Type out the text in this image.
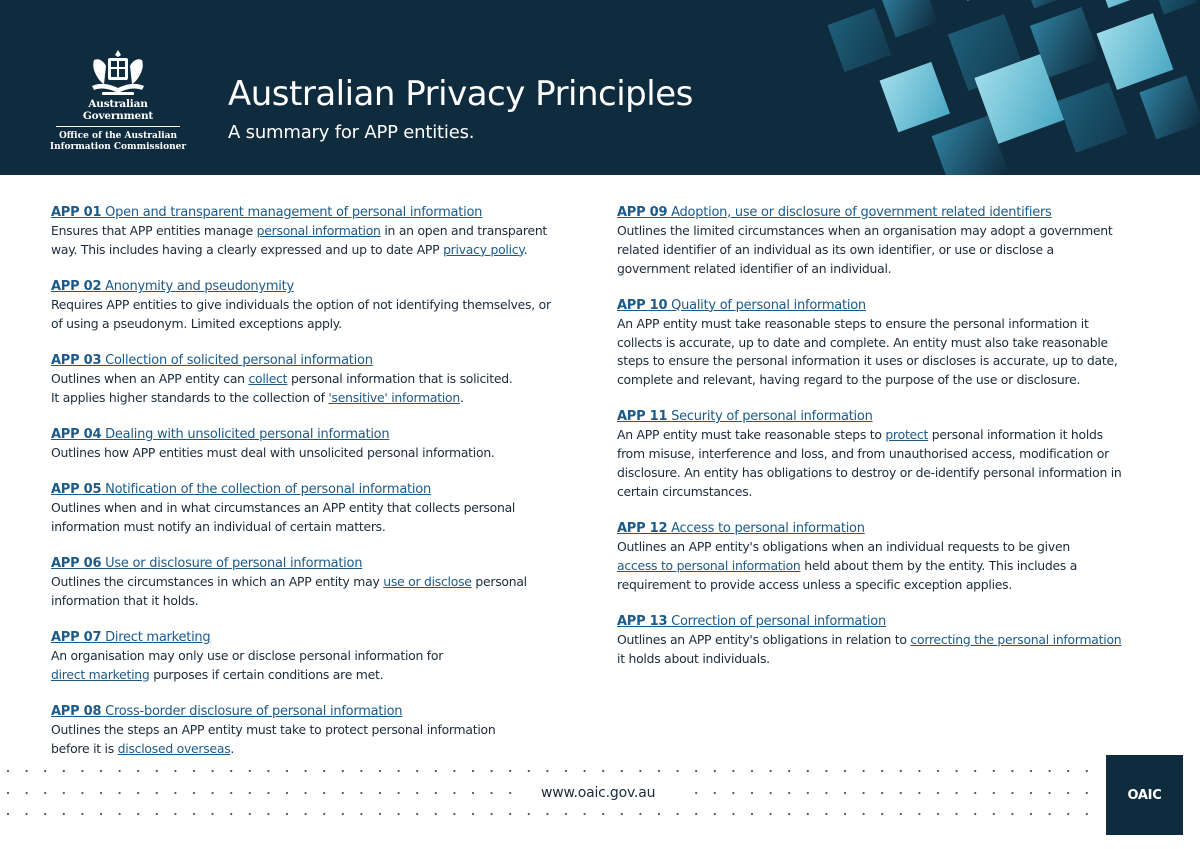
Australian Government
Office of the Australian
Information Commissioner
Australian Privacy Principles
A summary for APP entities.
APP 01 Open and transparent management of personal information
Ensures that APP entities manage personal information in an open and transparent
way. This includes having a clearly expressed and up to date APP privacy policy.
APP 02 Anonymity and pseudonymity
Requires APP entities to give individuals the option of not identifying themselves, or
of using a pseudonym. Limited exceptions apply.
APP 03 Collection of solicited personal information
Outlines when an APP entity can collect personal information that is solicited.
It applies higher standards to the collection of 'sensitive' information.
APP 04 Dealing with unsolicited personal information
Outlines how APP entities must deal with unsolicited personal information.
APP 05 Notification of the collection of personal information
Outlines when and in what circumstances an APP entity that collects personal
information must notify an individual of certain matters.
APP 06 Use or disclosure of personal information
Outlines the circumstances in which an APP entity may use or disclose personal
information that it holds.
APP 07 Direct marketing
An organisation may only use or disclose personal information for
direct marketing purposes if certain conditions are met.
APP 08 Cross-border disclosure of personal information
Outlines the steps an APP entity must take to protect personal information
before it is disclosed overseas.
APP 09 Adoption, use or disclosure of government related identifiers
Outlines the limited circumstances when an organisation may adopt a government
related identifier of an individual as its own identifier, or use or disclose a
government related identifier of an individual.
APP 10 Quality of personal information
An APP entity must take reasonable steps to ensure the personal information it
collects is accurate, up to date and complete. An entity must also take reasonable
steps to ensure the personal information it uses or discloses is accurate, up to date,
complete and relevant, having regard to the purpose of the use or disclosure.
APP 11 Security of personal information
An APP entity must take reasonable steps to protect personal information it holds
from misuse, interference and loss, and from unauthorised access, modification or
disclosure. An entity has obligations to destroy or de-identify personal information in
certain circumstances.
APP 12 Access to personal information
Outlines an APP entity's obligations when an individual requests to be given
access to personal information held about them by the entity. This includes a
requirement to provide access unless a specific exception applies.
APP 13 Correction of personal information
Outlines an APP entity's obligations in relation to correcting the personal information
it holds about individuals.
www.oaic.gov.au	OAIC
